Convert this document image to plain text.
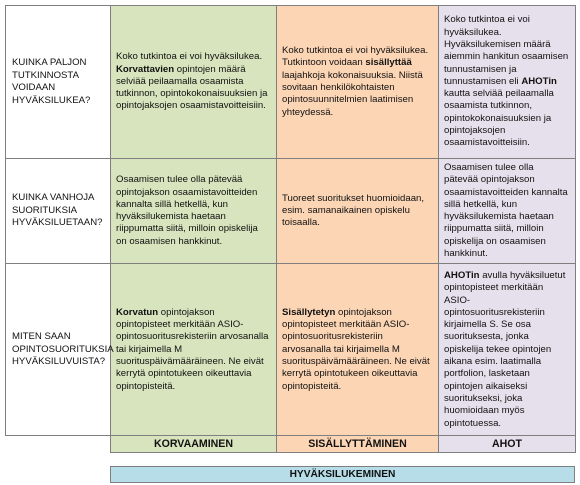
KUINKA PALJON TUTKINNOSTA VOIDAAN HYVÄKSILUKEA?	Koko tutkintoa ei voi hyväksilukea. Korvattavien opintojen määrä selviää peilaamalla osaamista tutkinnon, opintokokonaisuuksien ja opintojaksojen osaamistavoitteisiin.	Koko tutkintoa ei voi hyväksilukea. Tutkintoon voidaan sisällyttää laajahkoja kokonaisuuksia. Niistä sovitaan henkilökohtaisten opintosuunnitelmien laatimisen yhteydessä.	Koko tutkintoa ei voi hyväksilukea. Hyväksilukemisen määrä aiemmin hankitun osaamisen tunnustamisen ja tunnustamisen eli AHOTin kautta selviää peilaamalla osaamista tutkinnon, opintokokonaisuuksien ja opintojaksojen osaamistavoitteisiin.
KUINKA VANHOJA SUORITUKSIA HYVÄKSILUETAAN?	Osaamisen tulee olla pätevää opintojakson osaamistavoitteiden kannalta sillä hetkellä, kun hyväksilukemista haetaan riippumatta siitä, milloin opiskelija on osaamisen hankkinut.	Tuoreet suoritukset huomioidaan, esim. samanaikainen opiskelu toisaalla.	Osaamisen tulee olla pätevää opintojakson osaamistavoitteiden kannalta sillä hetkellä, kun hyväksilukemista haetaan riippumatta siitä, milloin opiskelija on osaamisen hankkinut.
MITEN SAAN OPINTOSUORITUKSIA HYVÄKSILUVUISTA?	Korvatun opintojakson opintopisteet merkitään ASIO-opintosuoritusrekisteriin arvosanalla tai kirjaimella M suorituspäivämääräineen. Ne eivät kerrytä opintotukeen oikeuttavia opintopisteitä.	Sisällytetyn opintojakson opintopisteet merkitään ASIO-opintosuoritusrekisteriin arvosanalla tai kirjaimella M suorituspäivämääräineen. Ne eivät kerrytä opintotukeen oikeuttavia opintopisteitä.	AHOTin avulla hyväksiluetut opintopisteet merkitään ASIO-opintosuoritusrekisteriin kirjaimella S. Se osa suorituksesta, jonka opiskelija tekee opintojen aikana esim. laatimalla portfolion, lasketaan opintojen aikaiseksi suoritukseksi, joka huomioidaan myös opintotuessa.
	KORVAAMINEN	SISÄLLYTTÄMINEN	AHOT
HYVÄKSILUKEMINEN
